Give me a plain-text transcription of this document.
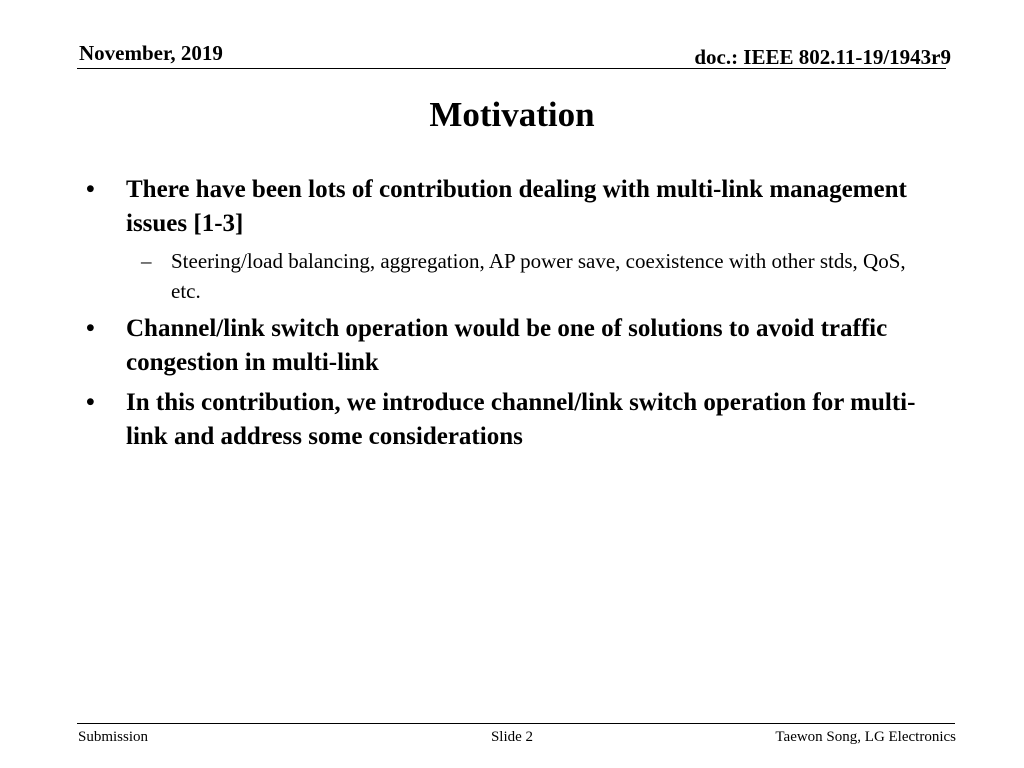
November, 2019	doc.: IEEE 802.11-19/1943r9
Motivation
• There have been lots of contribution dealing with multi-link management issues [1-3]
– Steering/load balancing, aggregation, AP power save, coexistence with other stds, QoS, etc.
• Channel/link switch operation would be one of solutions to avoid traffic congestion in multi-link
• In this contribution, we introduce channel/link switch operation for multi-link and address some considerations
Submission	Slide 2	Taewon Song, LG Electronics
